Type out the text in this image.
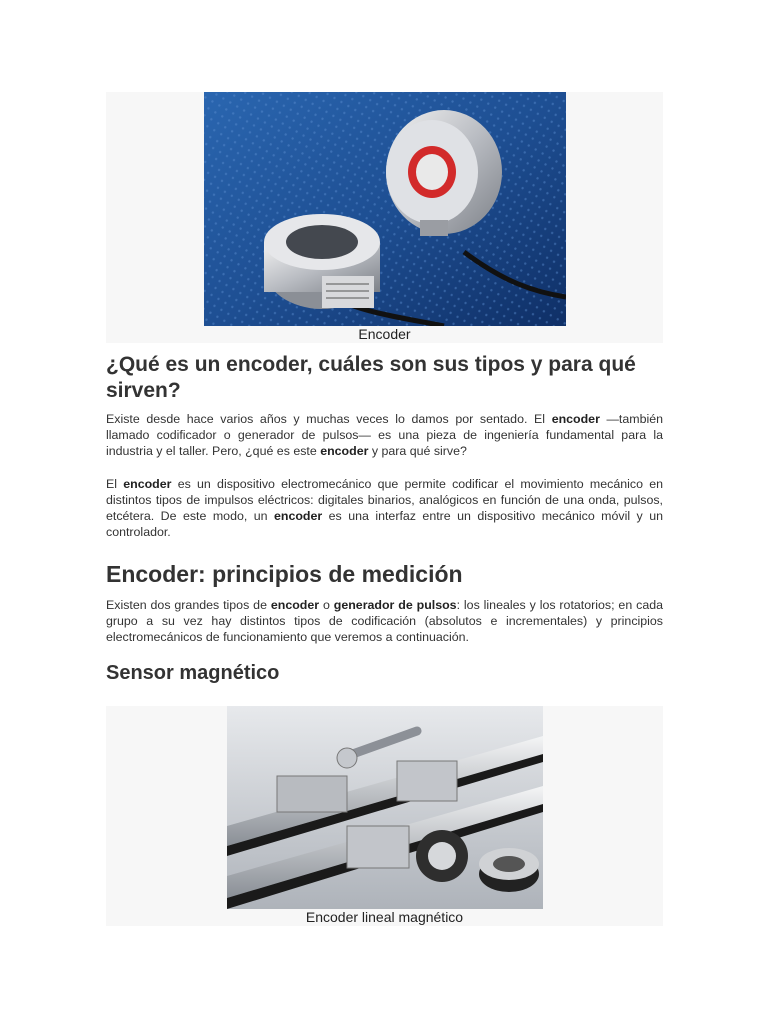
Encoder
¿Qué es un encoder, cuáles son sus tipos y para qué sirven?

Existe desde hace varios años y muchas veces lo damos por sentado. El encoder —también llamado codificador o generador de pulsos— es una pieza de ingeniería fundamental para la industria y el taller. Pero, ¿qué es este encoder y para qué sirve?

El encoder es un dispositivo electromecánico que permite codificar el movimiento mecánico en distintos tipos de impulsos eléctricos: digitales binarios, analógicos en función de una onda, pulsos, etcétera. De este modo, un encoder es una interfaz entre un dispositivo mecánico móvil y un controlador.

Encoder: principios de medición

Existen dos grandes tipos de encoder o generador de pulsos: los lineales y los rotatorios; en cada grupo a su vez hay distintos tipos de codificación (absolutos e incrementales) y principios electromecánicos de funcionamiento que veremos a continuación.

Sensor magnético
Encoder lineal magnético
